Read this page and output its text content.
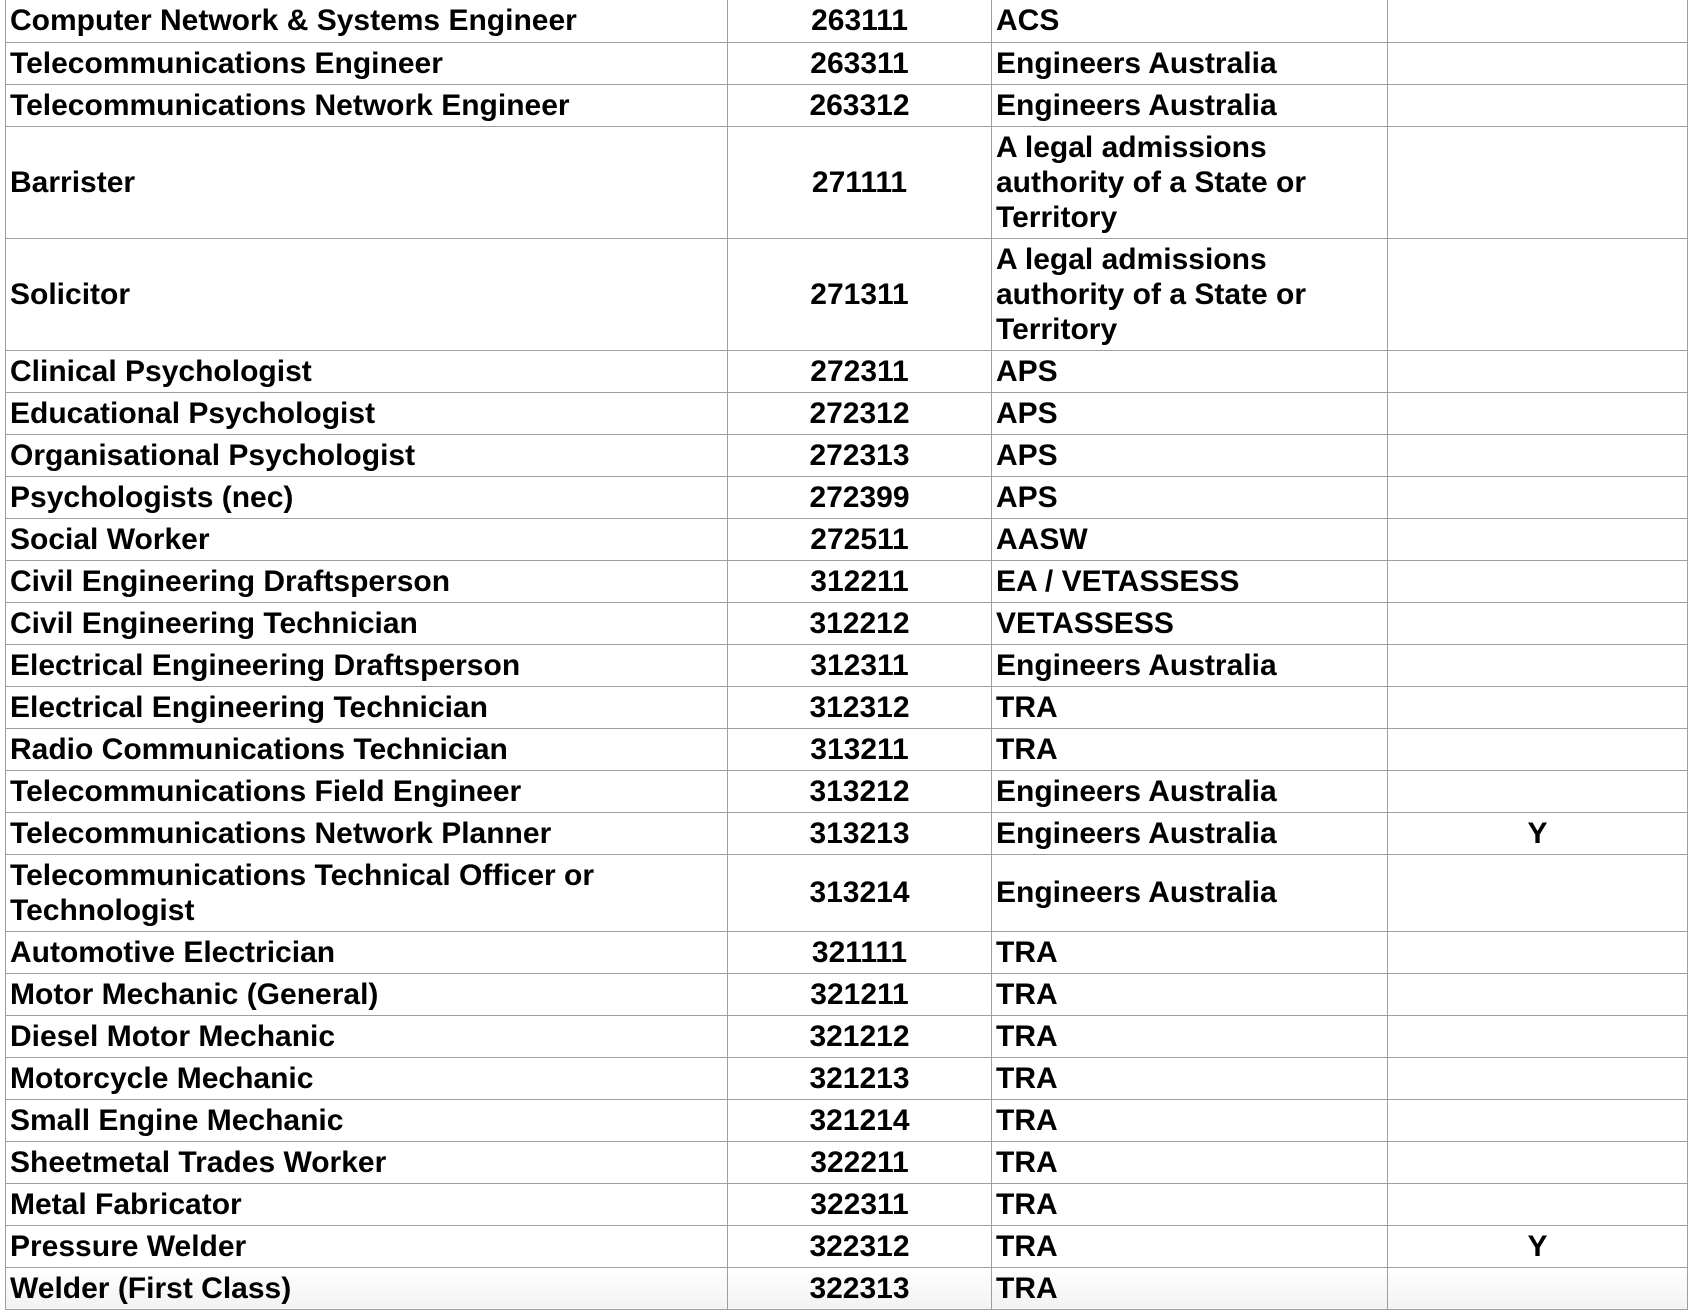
Computer Network & Systems Engineer	263111	ACS	
Telecommunications Engineer	263311	Engineers Australia	
Telecommunications Network Engineer	263312	Engineers Australia	
Barrister	271111	A legal admissions authority of a State or Territory	
Solicitor	271311	A legal admissions authority of a State or Territory	
Clinical Psychologist	272311	APS	
Educational Psychologist	272312	APS	
Organisational Psychologist	272313	APS	
Psychologists (nec)	272399	APS	
Social Worker	272511	AASW	
Civil Engineering Draftsperson	312211	EA / VETASSESS	
Civil Engineering Technician	312212	VETASSESS	
Electrical Engineering Draftsperson	312311	Engineers Australia	
Electrical Engineering Technician	312312	TRA	
Radio Communications Technician	313211	TRA	
Telecommunications Field Engineer	313212	Engineers Australia	
Telecommunications Network Planner	313213	Engineers Australia	Y
Telecommunications Technical Officer or Technologist	313214	Engineers Australia	
Automotive Electrician	321111	TRA	
Motor Mechanic (General)	321211	TRA	
Diesel Motor Mechanic	321212	TRA	
Motorcycle Mechanic	321213	TRA	
Small Engine Mechanic	321214	TRA	
Sheetmetal Trades Worker	322211	TRA	
Metal Fabricator	322311	TRA	
Pressure Welder	322312	TRA	Y
Welder (First Class)	322313	TRA	
